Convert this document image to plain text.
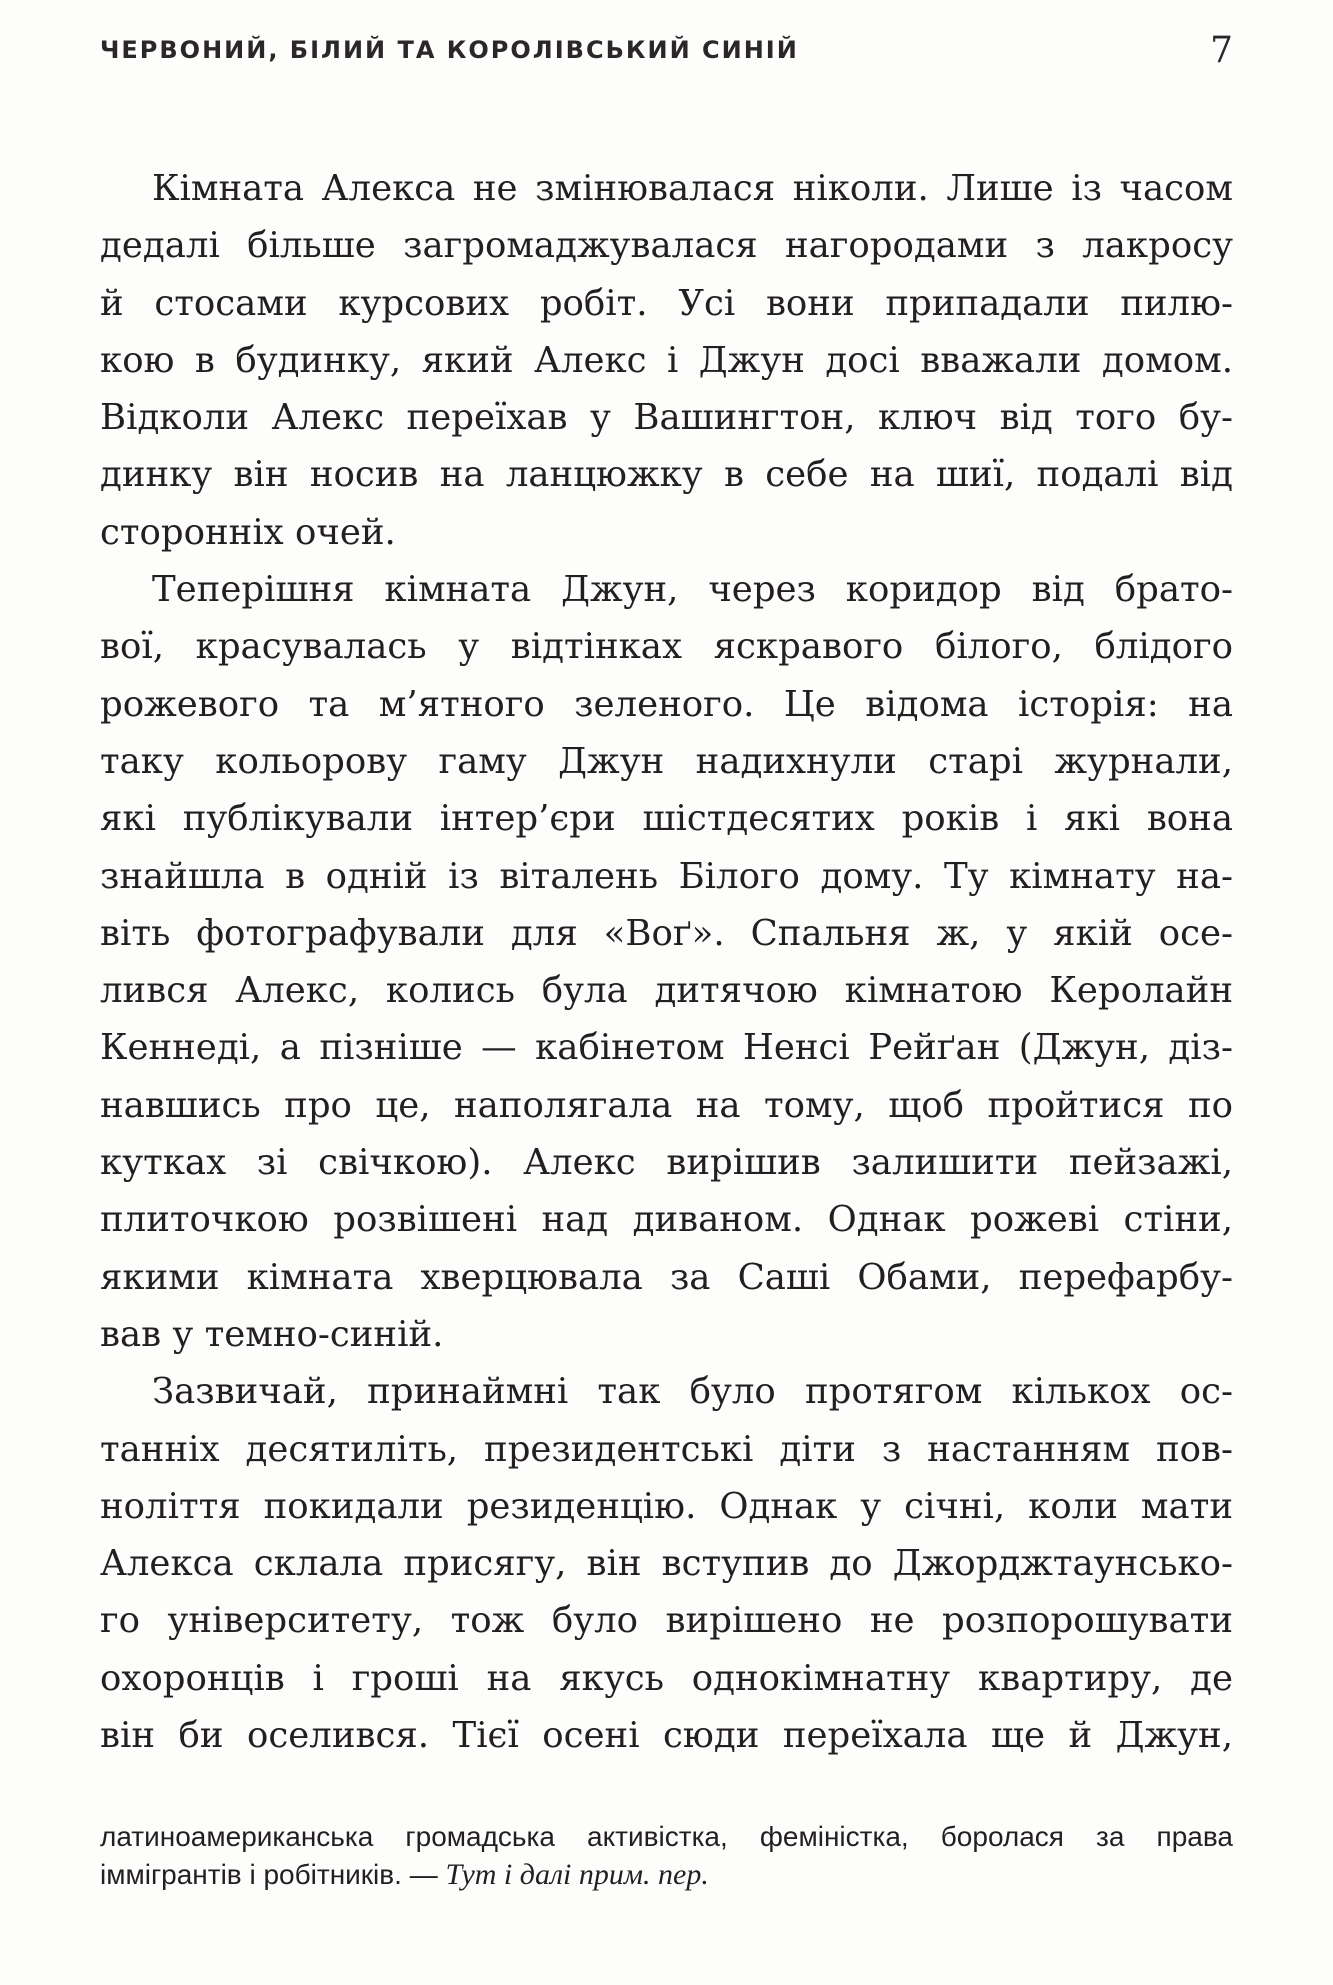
ЧЕРВОНИЙ, БІЛИЙ ТА КОРОЛІВСЬКИЙ СИНІЙ	7
Кімната Алекса не змінювалася ніколи. Лише із часом
дедалі більше загромаджувалася нагородами з лакросу
й стосами курсових робіт. Усі вони припадали пилю-
кою в будинку, який Алекс і Джун досі вважали домом.
Відколи Алекс переїхав у Вашингтон, ключ від того бу-
динку він носив на ланцюжку в себе на шиї, подалі від
сторонніх очей.
Теперішня кімната Джун, через коридор від брато-
вої, красувалась у відтінках яскравого білого, блідого
рожевого та м’ятного зеленого. Це відома історія: на
таку кольорову гаму Джун надихнули старі журнали,
які публікували інтер’єри шістдесятих років і які вона
знайшла в одній із віталень Білого дому. Ту кімнату на-
віть фотографували для «Воґ». Спальня ж, у якій осе-
лився Алекс, колись була дитячою кімнатою Керолайн
Кеннеді, а пізніше — кабінетом Ненсі Рейґан (Джун, діз-
навшись про це, наполягала на тому, щоб пройтися по
кутках зі свічкою). Алекс вирішив залишити пейзажі,
плиточкою розвішені над диваном. Однак рожеві стіни,
якими кімната хверцювала за Саші Обами, перефарбу-
вав у темно-синій.
Зазвичай, принаймні так було протягом кількох ос-
танніх десятиліть, президентські діти з настанням пов-
ноліття покидали резиденцію. Однак у січні, коли мати
Алекса склала присягу, він вступив до Джорджтаунсько-
го університету, тож було вирішено не розпорошувати
охоронців і гроші на якусь однокімнатну квартиру, де
він би оселився. Тієї осені сюди переїхала ще й Джун,
латиноамериканська громадська активістка, феміністка, боролася за права
іммігрантів і робітників. — Тут і далі прим. пер.
